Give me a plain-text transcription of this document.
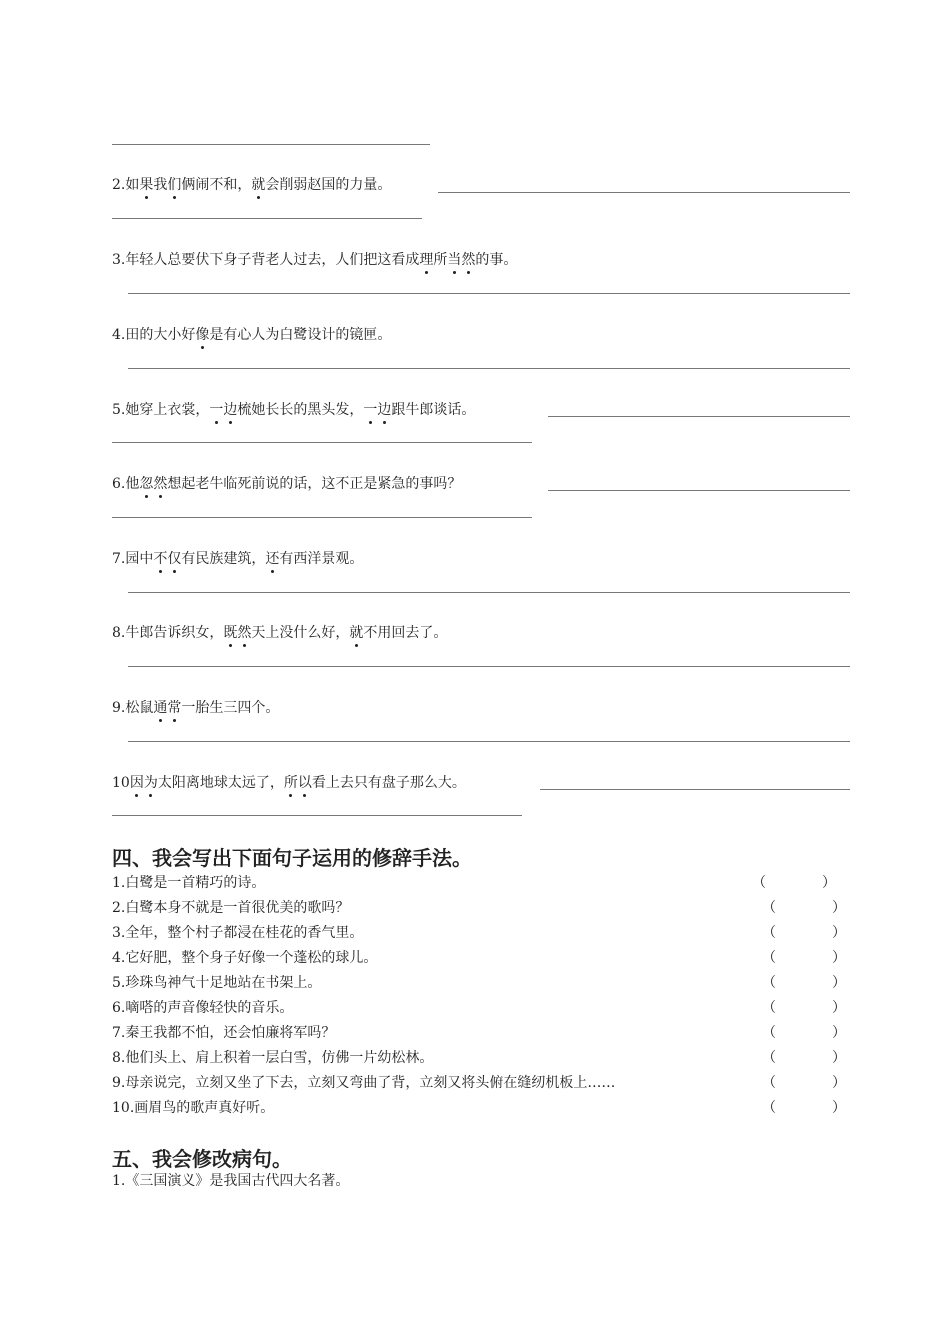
2.如果我们俩闹不和，就会削弱赵国的力量。
3.年轻人总要伏下身子背老人过去，人们把这看成理所当然的事。
4.田的大小好像是有心人为白鹭设计的镜匣。
5.她穿上衣裳，一边梳她长长的黑头发，一边跟牛郎谈话。
6.他忽然想起老牛临死前说的话，这不正是紧急的事吗？
7.园中不仅有民族建筑，还有西洋景观。
8.牛郎告诉织女，既然天上没什么好，就不用回去了。
9.松鼠通常一胎生三四个。
10因为太阳离地球太远了，所以看上去只有盘子那么大。
四、我会写出下面句子运用的修辞手法。
1.白鹭是一首精巧的诗。	（	）
2.白鹭本身不就是一首很优美的歌吗？	（	）
3.全年，整个村子都浸在桂花的香气里。	（	）
4.它好肥，整个身子好像一个蓬松的球儿。	（	）
5.珍珠鸟神气十足地站在书架上。	（	）
6.嘀嗒的声音像轻快的音乐。	（	）
7.秦王我都不怕，还会怕廉将军吗？	（	）
8.他们头上、肩上积着一层白雪，仿佛一片幼松林。	（	）
9.母亲说完，立刻又坐了下去，立刻又弯曲了背，立刻又将头俯在缝纫机板上……	（	）
10.画眉鸟的歌声真好听。	（	）
五、我会修改病句。
1.《三国演义》是我国古代四大名著。
